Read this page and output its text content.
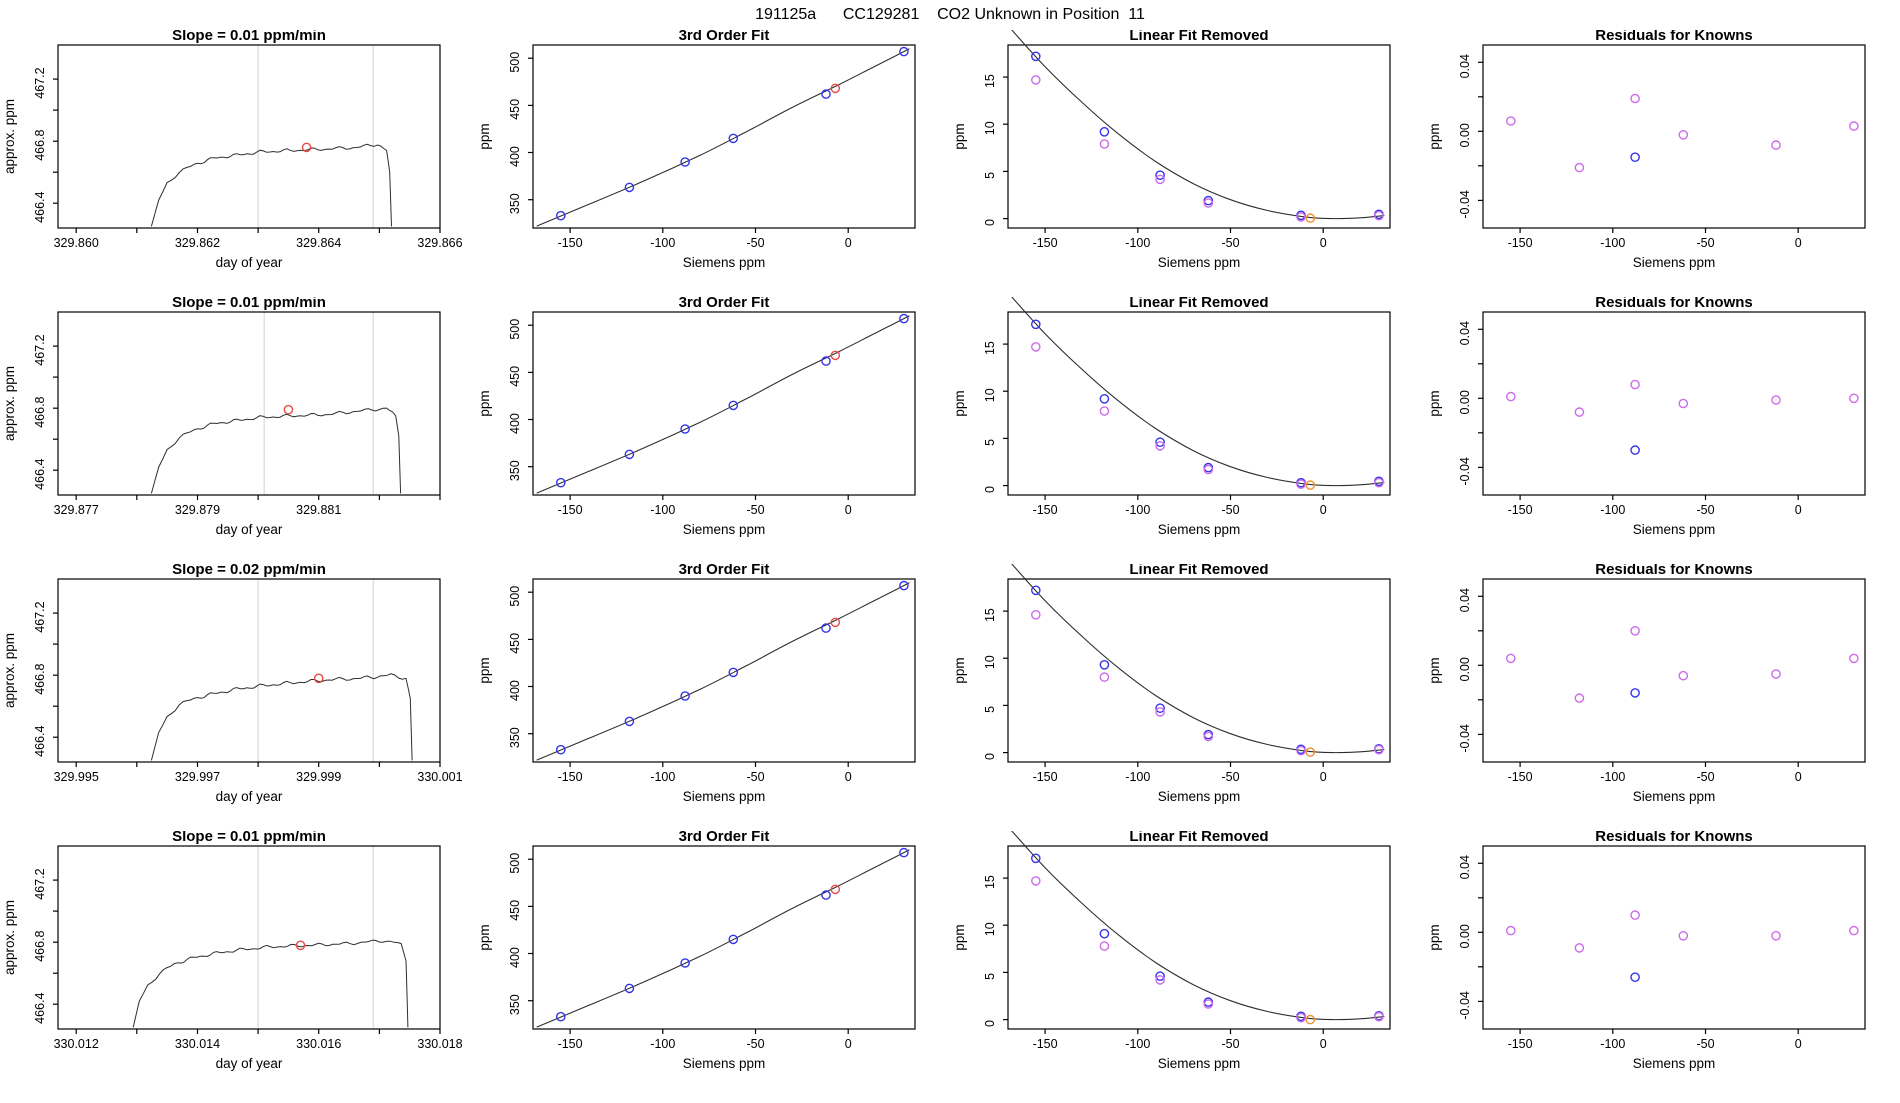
191125a      CC129281    CO2 Unknown in Position  11
Slope = 0.01 ppm/min
329.860	329.862	329.864	329.866
466.4
466.8
467.2
day of year
approx. ppm
3rd Order Fit
-150	-100	-50	0
350
400
450
500
Siemens ppm
ppm
Linear Fit Removed
-150	-100	-50	0
0
5
10
15
Siemens ppm
ppm
Residuals for Knowns
-150	-100	-50	0
-0.04
0.00
0.04
Siemens ppm
ppm
Slope = 0.01 ppm/min
329.877	329.879	329.881
466.4
466.8
467.2
day of year
approx. ppm
3rd Order Fit
-150	-100	-50	0
350
400
450
500
Siemens ppm
ppm
Linear Fit Removed
-150	-100	-50	0
0
5
10
15
Siemens ppm
ppm
Residuals for Knowns
-150	-100	-50	0
-0.04
0.00
0.04
Siemens ppm
ppm
Slope = 0.02 ppm/min
329.995	329.997	329.999	330.001
466.4
466.8
467.2
day of year
approx. ppm
3rd Order Fit
-150	-100	-50	0
350
400
450
500
Siemens ppm
ppm
Linear Fit Removed
-150	-100	-50	0
0
5
10
15
Siemens ppm
ppm
Residuals for Knowns
-150	-100	-50	0
-0.04
0.00
0.04
Siemens ppm
ppm
Slope = 0.01 ppm/min
330.012	330.014	330.016	330.018
466.4
466.8
467.2
day of year
approx. ppm
3rd Order Fit
-150	-100	-50	0
350
400
450
500
Siemens ppm
ppm
Linear Fit Removed
-150	-100	-50	0
0
5
10
15
Siemens ppm
ppm
Residuals for Knowns
-150	-100	-50	0
-0.04
0.00
0.04
Siemens ppm
ppm
